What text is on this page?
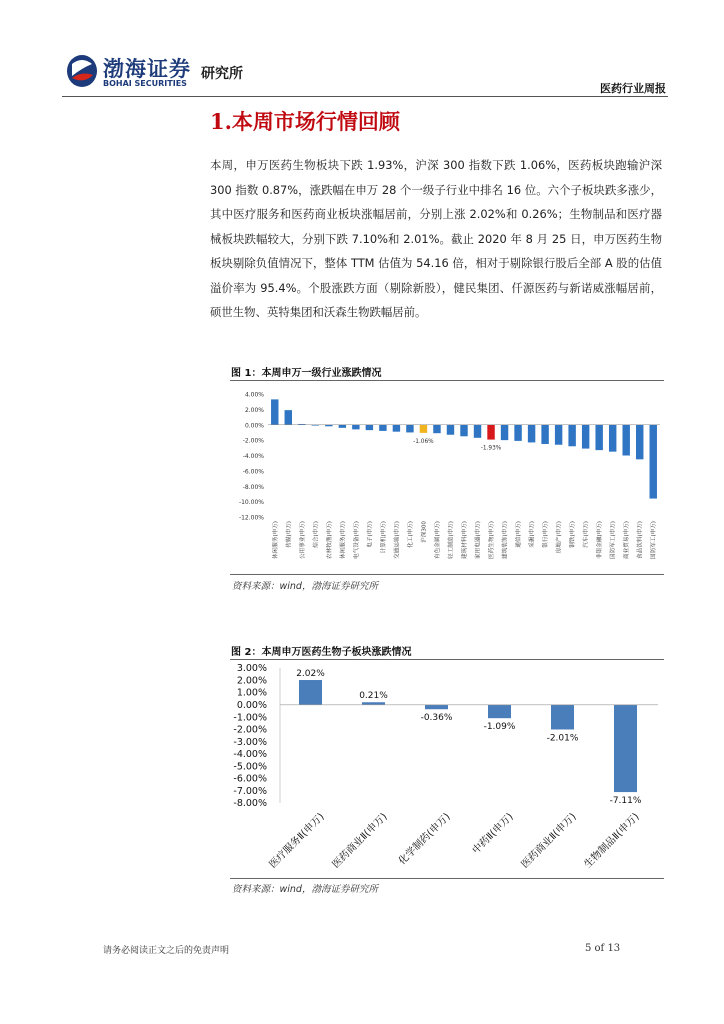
渤海证券
BOHAI SECURITIES
研究所
医药行业周报
1.本周市场行情回顾

本周，申万医药生物板块下跌 1.93%，沪深 300 指数下跌 1.06%，医药板块跑输沪深 300 指数 0.87%，涨跌幅在申万 28 个一级子行业中排名 16 位。六个子板块跌多涨少，其中医疗服务和医药商业板块涨幅居前，分别上涨 2.02%和 0.26%；生物制品和医疗器械板块跌幅较大，分别下跌 7.10%和 2.01%。截止 2020 年 8 月 25 日，申万医药生物板块剔除负值情况下，整体 TTM 估值为 54.16 倍，相对于剔除银行股后全部 A 股的估值溢价率为 95.4%。个股涨跌方面（剔除新股），健民集团、仟源医药与新诺威涨幅居前，硕世生物、英特集团和沃森生物跌幅居前。

图 1：本周申万一级行业涨跌情况
4.00%
2.00%
0.00%
-2.00%
-4.00%
-6.00%
-8.00%
-10.00%
-12.00%
休闲服务(申万)	传媒(申万)	公用事业(申万)	综合(申万)	农林牧渔(申万)	休闲服务(申万)	电气设备(申万)	电子(申万)	计算机(申万)	交通运输(申万)	化工(申万)	沪深300	有色金属(申万)	轻工制造(申万)	建筑材料(申万)	家用电器(申万)	医药生物(申万)	建筑装饰(申万)	通信(申万)	采掘(申万)	银行(申万)	房地产(申万)	钢铁(申万)	汽车(申万)	非银金融(申万)	国防军工(申万)	商业贸易(申万)	食品饮料(申万)	国防军工(申万)
-1.06%
-1.93%
资料来源：wind，渤海证券研究所
图 2：本周申万医药生物子板块涨跌情况
3.00%
2.00%
1.00%
0.00%
-1.00%
-2.00%
-3.00%
-4.00%
-5.00%
-6.00%
-7.00%
-8.00%
2.02%
医疗服务Ⅱ(申万)
0.21%
医药商业Ⅱ(申万)
-0.36%
化学制药(申万)
-1.09%
中药Ⅱ(申万)
-2.01%
医药商业Ⅱ(申万)
-7.11%
生物制品Ⅱ(申万)
资料来源：wind，渤海证券研究所
请务必阅读正文之后的免责声明	5 of 13
